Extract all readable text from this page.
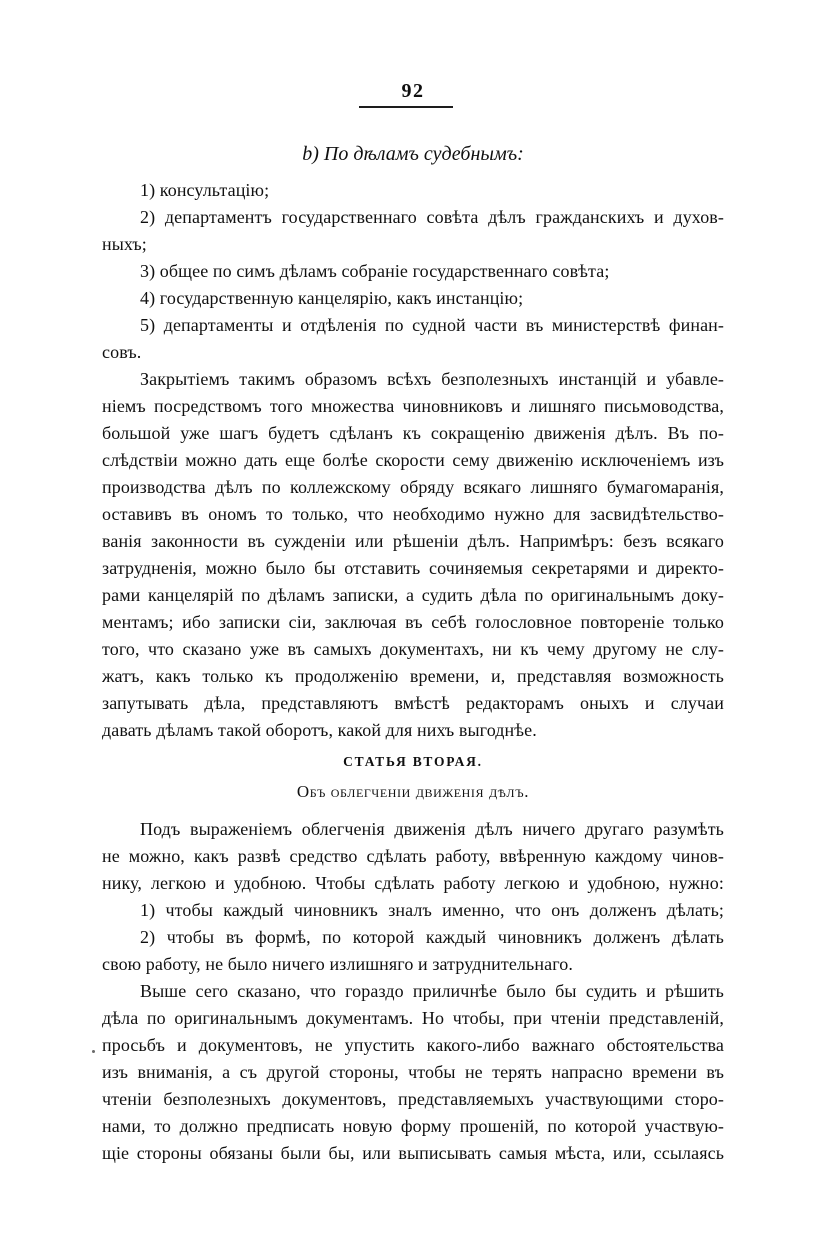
92
b) По дѣламъ судебнымъ:
1) консультацію;
2) департаментъ государственнаго совѣта дѣлъ гражданскихъ и духов-
ныхъ;
3) общее по симъ дѣламъ собраніе государственнаго совѣта;
4) государственную канцелярію, какъ инстанцію;
5) департаменты и отдѣленія по судной части въ министерствѣ финан-
совъ.
Закрытіемъ такимъ образомъ всѣхъ безполезныхъ инстанцій и убавле-
ніемъ посредствомъ того множества чиновниковъ и лишняго письмоводства,
большой уже шагъ будетъ сдѣланъ къ сокращенію движенія дѣлъ. Въ по-
слѣдствіи можно дать еще болѣе скорости сему движенію исключеніемъ изъ
производства дѣлъ по коллежскому обряду всякаго лишняго бумагомаранія,
оставивъ въ ономъ то только, что необходимо нужно для засвидѣтельство-
ванія законности въ сужденіи или рѣшеніи дѣлъ. Напримѣръ: безъ всякаго
затрудненія, можно было бы отставить сочиняемыя секретарями и директо-
рами канцелярій по дѣламъ записки, а судить дѣла по оригинальнымъ доку-
ментамъ; ибо записки сіи, заключая въ себѣ голословное повтореніе только
того, что сказано уже въ самыхъ документахъ, ни къ чему другому не слу-
жатъ, какъ только къ продолженію времени, и, представляя возможность
запутывать дѣла, представляютъ вмѣстѣ редакторамъ оныхъ и случаи
давать дѣламъ такой оборотъ, какой для нихъ выгоднѣе.
СТАТЬЯ ВТОРАЯ.
Объ облегченіи движенія дѣлъ.
Подъ выраженіемъ облегченія движенія дѣлъ ничего другаго разумѣть
не можно, какъ развѣ средство сдѣлать работу, ввѣренную каждому чинов-
нику, легкою и удобною. Чтобы сдѣлать работу легкою и удобною, нужно:
1) чтобы каждый чиновникъ зналъ именно, что онъ долженъ дѣлать;
2) чтобы въ формѣ, по которой каждый чиновникъ долженъ дѣлать
свою работу, не было ничего излишняго и затруднительнаго.
Выше сего сказано, что гораздо приличнѣе было бы судить и рѣшить
дѣла по оригинальнымъ документамъ. Но чтобы, при чтеніи представленій,
просьбъ и документовъ, не упустить какого-либо важнаго обстоятельства
изъ вниманія, а съ другой стороны, чтобы не терять напрасно времени въ
чтеніи безполезныхъ документовъ, представляемыхъ участвующими сторо-
нами, то должно предписать новую форму прошеній, по которой участвую-
щіе стороны обязаны были бы, или выписывать самыя мѣста, или, ссылаясь
